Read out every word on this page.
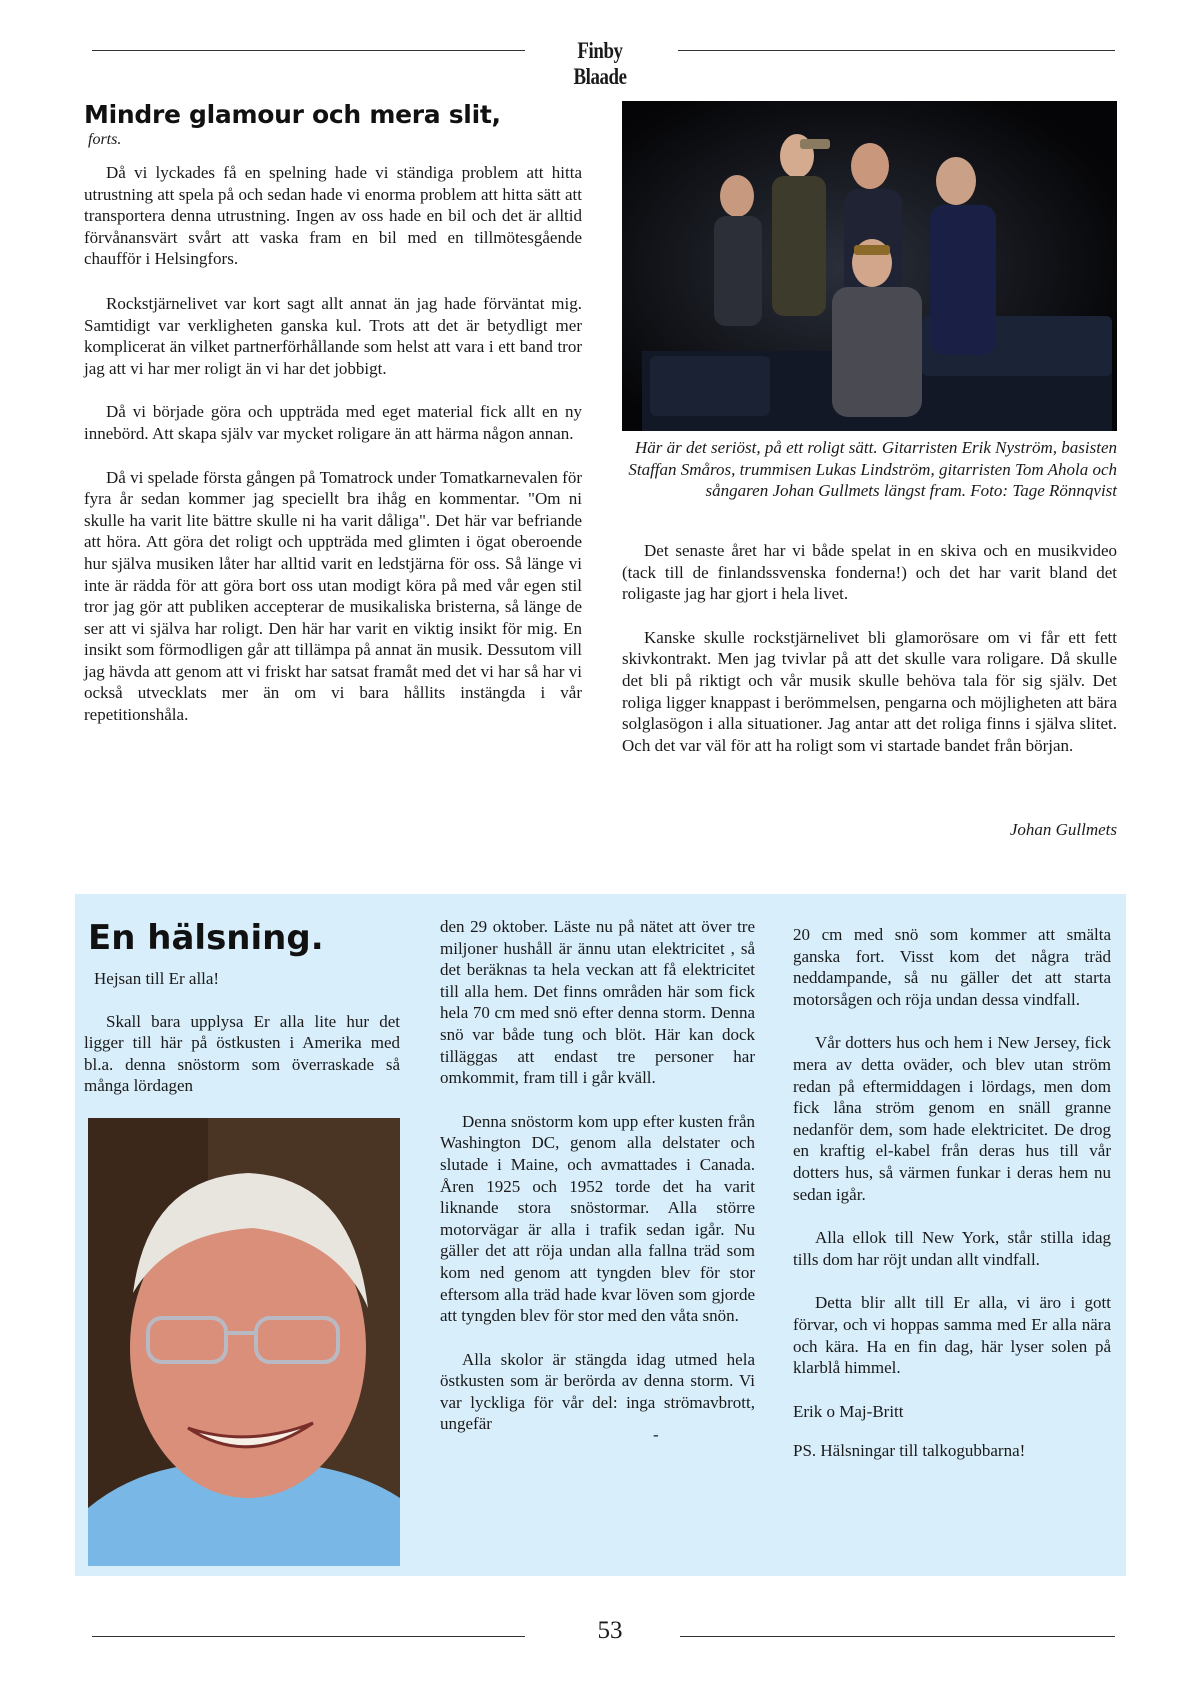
Finby Blaade
Mindre glamour och mera slit,
forts.

Då vi lyckades få en spelning hade vi ständiga problem att hitta utrustning att spela på och sedan hade vi enorma problem att hitta sätt att transportera denna utrustning. Ingen av oss hade en bil och det är alltid förvånansvärt svårt att vaska fram en bil med en tillmötesgående chaufför i Helsingfors.

Rockstjärnelivet var kort sagt allt annat än jag hade förväntat mig. Samtidigt var verkligheten ganska kul. Trots att det är betydligt mer komplicerat än vilket partnerförhållande som helst att vara i ett band tror jag att vi har mer roligt än vi har det jobbigt.

Då vi började göra och uppträda med eget material fick allt en ny innebörd. Att skapa själv var mycket roligare än att härma någon annan.

Då vi spelade första gången på Tomatrock under Tomatkarnevalen för fyra år sedan kommer jag speciellt bra ihåg en kommentar. "Om ni skulle ha varit lite bättre skulle ni ha varit dåliga". Det här var befriande att höra. Att göra det roligt och uppträda med glimten i ögat oberoende hur själva musiken låter har alltid varit en ledstjärna för oss. Så länge vi inte är rädda för att göra bort oss utan modigt köra på med vår egen stil tror jag gör att publiken accepterar de musikaliska bristerna, så länge de ser att vi själva har roligt. Den här har varit en viktig insikt för mig. En insikt som förmodligen går att tillämpa på annat än musik. Dessutom vill jag hävda att genom att vi friskt har satsat framåt med det vi har så har vi också utvecklats mer än om vi bara hållits instängda i vår repetitionshåla.

Här är det seriöst, på ett roligt sätt. Gitarristen Erik Nyström, basisten Staffan Småros, trummisen Lukas Lindström, gitarristen Tom Ahola och sångaren Johan Gullmets längst fram. Foto: Tage Rönnqvist

Det senaste året har vi både spelat in en skiva och en musikvideo (tack till de finlandssvenska fonderna!) och det har varit bland det roligaste jag har gjort i hela livet.

Kanske skulle rockstjärnelivet bli glamorösare om vi får ett fett skivkontrakt. Men jag tvivlar på att det skulle vara roligare. Då skulle det bli på riktigt och vår musik skulle behöva tala för sig själv. Det roliga ligger knappast i berömmelsen, pengarna och möjligheten att bära solglasögon i alla situationer. Jag antar att det roliga finns i själva slitet. Och det var väl för att ha roligt som vi startade bandet från början.

Johan Gullmets
En hälsning.

Hejsan till Er alla!

Skall bara upplysa Er alla lite hur det ligger till här på östkusten i Amerika med bl.a. denna snöstorm som överraskade så många lördagen

den 29 oktober. Läste nu på nätet att över tre miljoner hushåll är ännu utan elektricitet , så det beräknas ta hela veckan att få elektricitet till alla hem. Det finns områden här som fick hela 70 cm med snö efter denna storm. Denna snö var både tung och blöt. Här kan dock tilläggas att endast tre personer har omkommit, fram till i går kväll.

Denna snöstorm kom upp efter kusten från Washington DC, genom alla delstater och slutade i Maine, och avmattades i Canada. Åren 1925 och 1952 torde det ha varit liknande stora snöstormar. Alla större motorvägar är alla i trafik sedan igår. Nu gäller det att röja undan alla fallna träd som kom ned genom att tyngden blev för stor eftersom alla träd hade kvar löven som gjorde att tyngden blev för stor med den våta snön.

Alla skolor är stängda idag utmed hela östkusten som är berörda av denna storm. Vi var lyckliga för vår del: inga strömavbrott, ungefär

-

20 cm med snö som kommer att smälta ganska fort. Visst kom det några träd neddampande, så nu gäller det att starta motorsågen och röja undan dessa vindfall.

Vår dotters hus och hem i New Jersey, fick mera av detta oväder, och blev utan ström redan på eftermiddagen i lördags, men dom fick låna ström genom en snäll granne nedanför dem, som hade elektricitet. De drog en kraftig el-kabel från deras hus till vår dotters hus, så värmen funkar i deras hem nu sedan igår.

Alla ellok till New York, står stilla idag tills dom har röjt undan allt vindfall.

Detta blir allt till Er alla, vi äro i gott förvar, och vi hoppas samma med Er alla nära och kära. Ha en fin dag, här lyser solen på klarblå himmel.

Erik o Maj-Britt

PS. Hälsningar till talkogubbarna!

53
